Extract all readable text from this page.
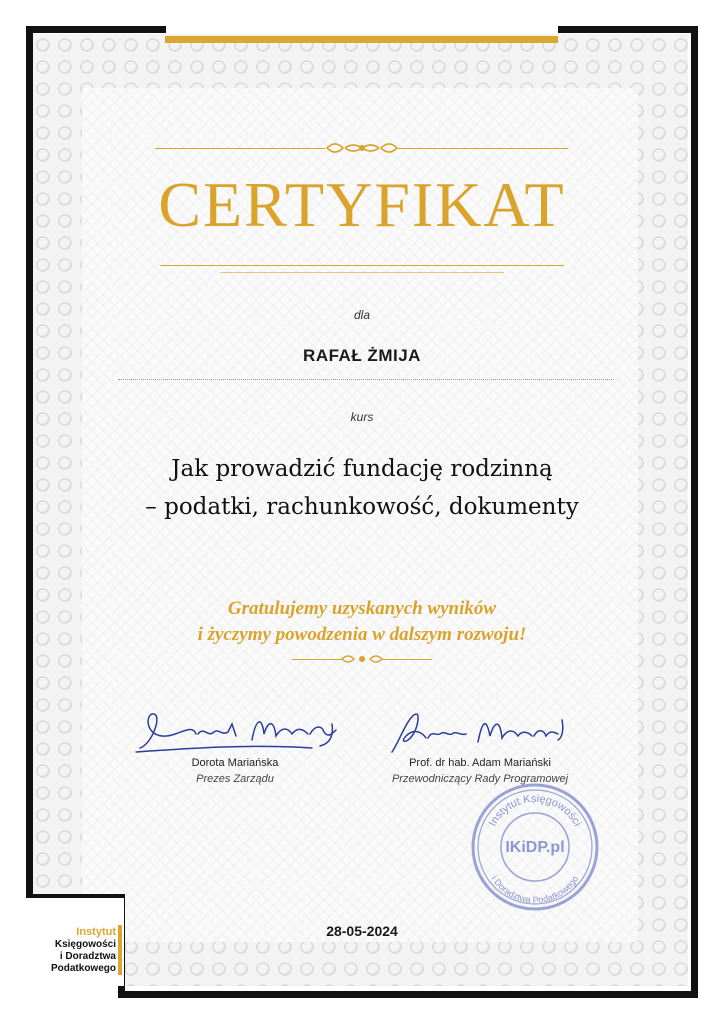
CERTYFIKAT
dla
RAFAŁ ŻMIJA
kurs
Jak prowadzić fundację rodzinną
– podatki, rachunkowość, dokumenty
Gratulujemy uzyskanych wyników
i życzymy powodzenia w dalszym rozwoju!
Dorota Mariańska
Prezes Zarządu
Prof. dr hab. Adam Mariański
Przewodniczący Rady Programowej
Instytut Księgowości
i Doradztwa Podatkowego
IKiDP.pl
28-05-2024
Instytut
Księgowości
i Doradztwa
Podatkowego
